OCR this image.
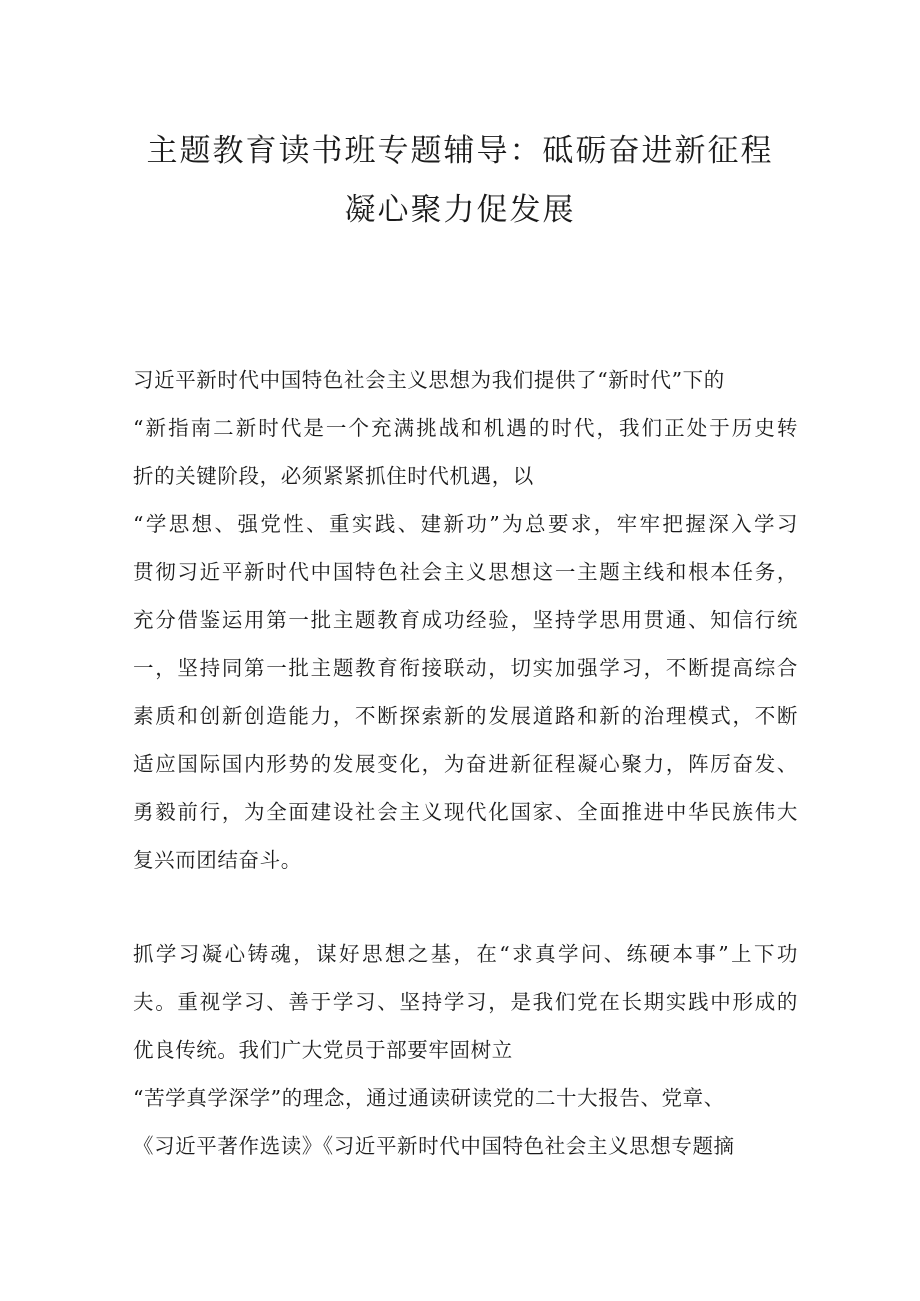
主题教育读书班专题辅导：砥砺奋进新征程
凝心聚力促发展
习近平新时代中国特色社会主义思想为我们提供了“新时代”下的
“新指南二新时代是一个充满挑战和机遇的时代，我们正处于历史转
折的关键阶段，必须紧紧抓住时代机遇，以
“学思想、强党性、重实践、建新功”为总要求，牢牢把握深入学习
贯彻习近平新时代中国特色社会主义思想这一主题主线和根本任务，
充分借鉴运用第一批主题教育成功经验，坚持学思用贯通、知信行统
一，坚持同第一批主题教育衔接联动，切实加强学习，不断提高综合
素质和创新创造能力，不断探索新的发展道路和新的治理模式，不断
适应国际国内形势的发展变化，为奋进新征程凝心聚力，阵厉奋发、
勇毅前行，为全面建设社会主义现代化国家、全面推进中华民族伟大
复兴而团结奋斗。
抓学习凝心铸魂，谋好思想之基，在“求真学问、练硬本事”上下功
夫。重视学习、善于学习、坚持学习，是我们党在长期实践中形成的
优良传统。我们广大党员于部要牢固树立
“苦学真学深学”的理念，通过通读研读党的二十大报告、党章、
《习近平著作选读》《习近平新时代中国特色社会主义思想专题摘
